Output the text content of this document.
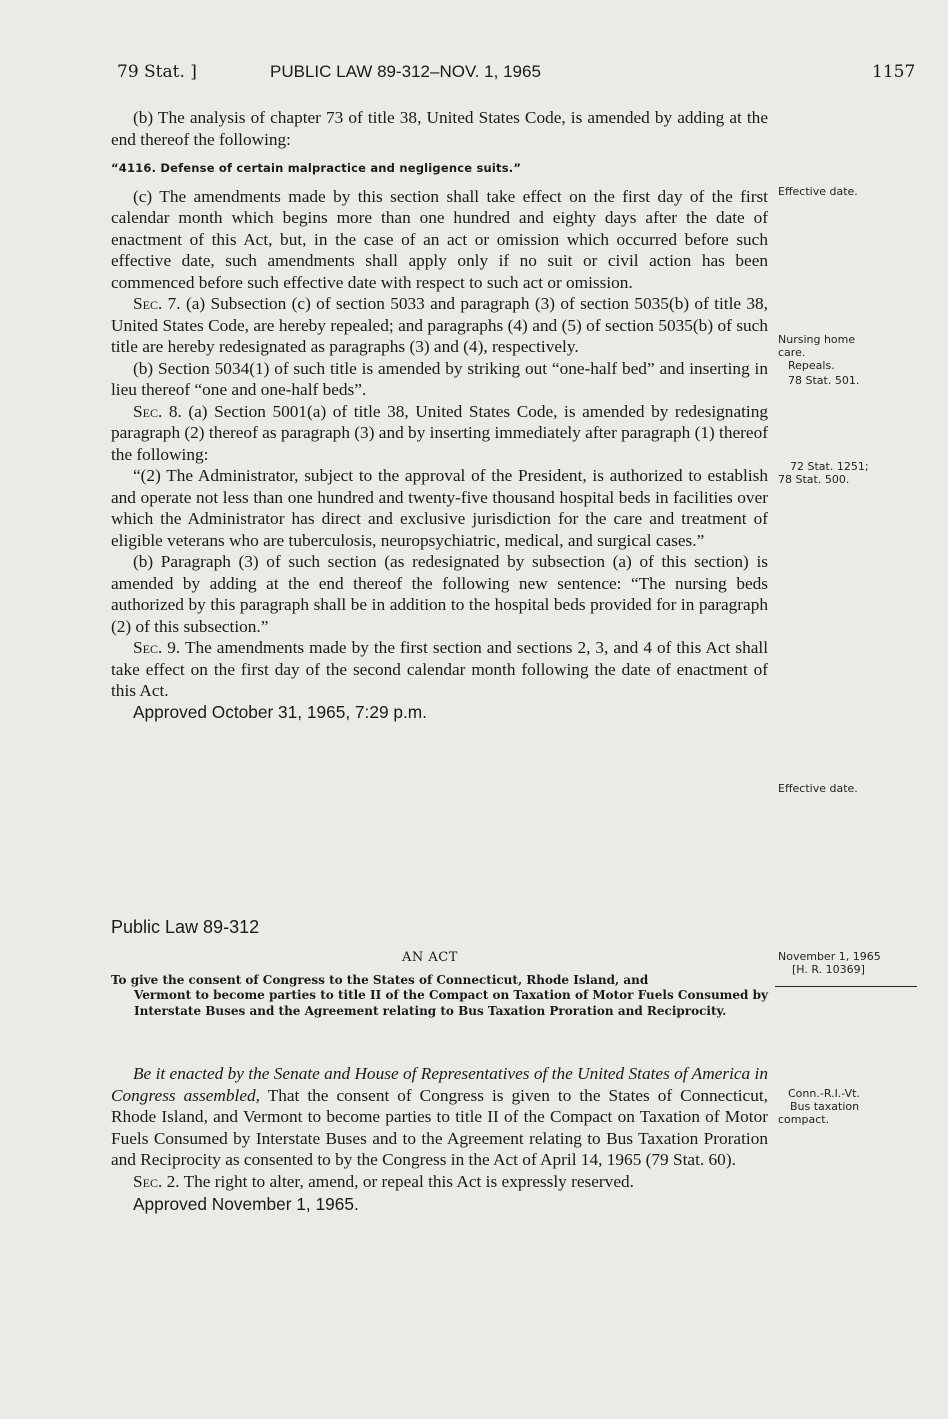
79 Stat. ]	PUBLIC LAW 89-312–NOV. 1, 1965	1157

(b) The analysis of chapter 73 of title 38, United States Code, is amended by adding at the end thereof the following:

“4116. Defense of certain malpractice and negligence suits.”

(c) The amendments made by this section shall take effect on the first day of the first calendar month which begins more than one hundred and eighty days after the date of enactment of this Act, but, in the case of an act or omission which occurred before such effective date, such amendments shall apply only if no suit or civil action has been commenced before such effective date with respect to such act or omission.

Sec. 7. (a) Subsection (c) of section 5033 and paragraph (3) of section 5035(b) of title 38, United States Code, are hereby repealed; and paragraphs (4) and (5) of section 5035(b) of such title are hereby redesignated as paragraphs (3) and (4), respectively.

(b) Section 5034(1) of such title is amended by striking out “one-half bed” and inserting in lieu thereof “one and one-half beds”.

Sec. 8. (a) Section 5001(a) of title 38, United States Code, is amended by redesignating paragraph (2) thereof as paragraph (3) and by inserting immediately after paragraph (1) thereof the following:

“(2) The Administrator, subject to the approval of the President, is authorized to establish and operate not less than one hundred and twenty-five thousand hospital beds in facilities over which the Administrator has direct and exclusive jurisdiction for the care and treatment of eligible veterans who are tuberculosis, neuropsychiatric, medical, and surgical cases.”

(b) Paragraph (3) of such section (as redesignated by subsection (a) of this section) is amended by adding at the end thereof the following new sentence: “The nursing beds authorized by this paragraph shall be in addition to the hospital beds provided for in paragraph (2) of this subsection.”

Sec. 9. The amendments made by the first section and sections 2, 3, and 4 of this Act shall take effect on the first day of the second calendar month following the date of enactment of this Act.

Approved October 31, 1965, 7:29 p.m.

Public Law 89-312
AN ACT
To give the consent of Congress to the States of Connecticut, Rhode Island, and
Vermont to become parties to title II of the Compact on Taxation of Motor Fuels Consumed by Interstate Buses and the Agreement relating to Bus Taxation Proration and Reciprocity.

Be it enacted by the Senate and House of Representatives of the United States of America in Congress assembled, That the consent of Congress is given to the States of Connecticut, Rhode Island, and Vermont to become parties to title II of the Compact on Taxation of Motor Fuels Consumed by Interstate Buses and to the Agreement relating to Bus Taxation Proration and Reciprocity as consented to by the Congress in the Act of April 14, 1965 (79 Stat. 60).

Sec. 2. The right to alter, amend, or repeal this Act is expressly reserved.

Approved November 1, 1965.

Effective date.
Nursing home
care.
Repeals.
78 Stat. 501.
72 Stat. 1251;
78 Stat. 500.
Effective date.
November 1, 1965
[H. R. 10369]
Conn.-R.I.-Vt.
Bus taxation
compact.
